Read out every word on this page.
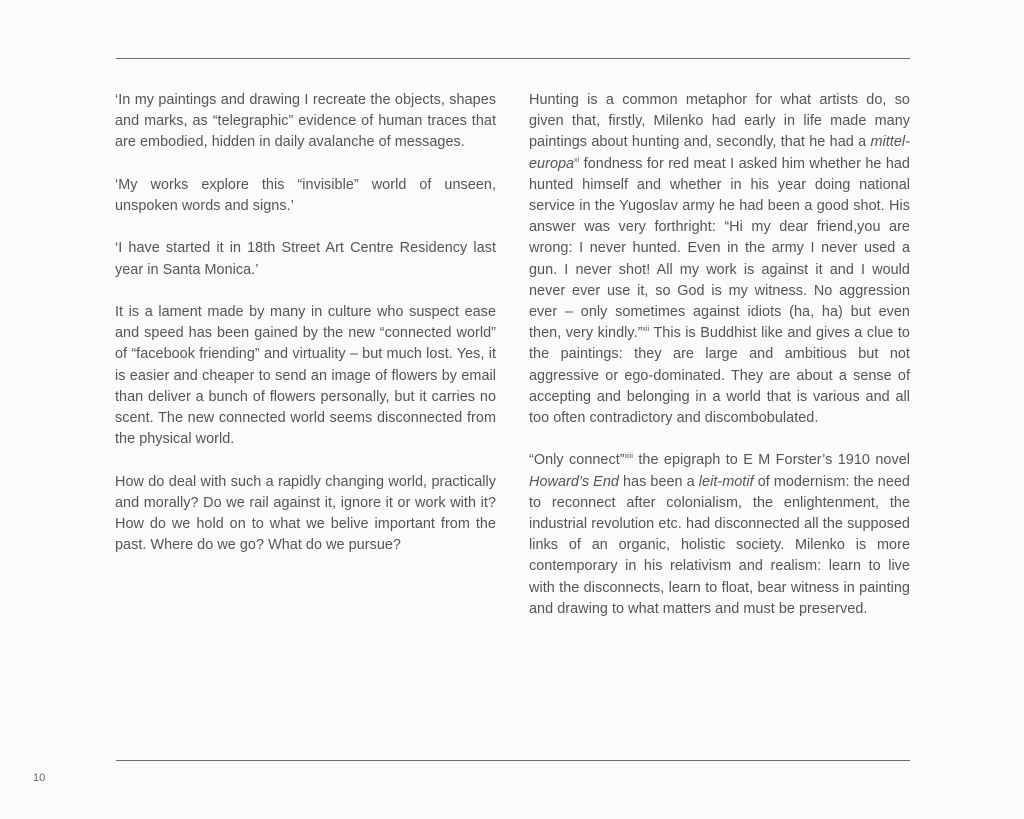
‘In my paintings and drawing I recreate the objects, shapes and marks, as “telegraphic” evidence of human traces that are embodied, hidden in daily avalanche of messages.

‘My works explore this “invisible” world of unseen, unspoken words and signs.’

‘I have started it in 18th Street Art Centre Residency last year in Santa Monica.’

It is a lament made by many in culture who suspect ease and speed has been gained by the new “connected world” of “facebook friending” and virtuality – but much lost. Yes, it is easier and cheaper to send an image of flowers by email than deliver a bunch of flowers personally, but it carries no scent. The new connected world seems disconnected from the physical world.

How do deal with such a rapidly changing world, practically and morally? Do we rail against it, ignore it or work with it? How do we hold on to what we belive important from the past. Where do we go? What do we pursue?

Hunting is a common metaphor for what artists do, so given that, firstly, Milenko had early in life made many paintings about hunting and, secondly, that he had a mittel-europa$^{xi}$ fondness for red meat I asked him whether he had hunted himself and whether in his year doing national service in the Yugoslav army he had been a good shot. His answer was very forthright: “Hi my dear friend,you are wrong: I never hunted. Even in the army I never used a gun. I never shot! All my work is against it and I would never ever use it, so God is my witness. No aggression ever – only sometimes against idiots (ha, ha) but even then, very kindly.”$^{xii}$ This is Buddhist like and gives a clue to the paintings: they are large and ambitious but not aggressive or ego-dominated. They are about a sense of accepting and belonging in a world that is various and all too often contradictory and discombobulated.

“Only connect”$^{xiii}$ the epigraph to E M Forster’s 1910 novel Howard’s End has been a leit-motif of modernism: the need to reconnect after colonialism, the enlightenment, the industrial revolution etc. had disconnected all the supposed links of an organic, holistic society. Milenko is more contemporary in his relativism and realism: learn to live with the disconnects, learn to float, bear witness in painting and drawing to what matters and must be preserved.

10
